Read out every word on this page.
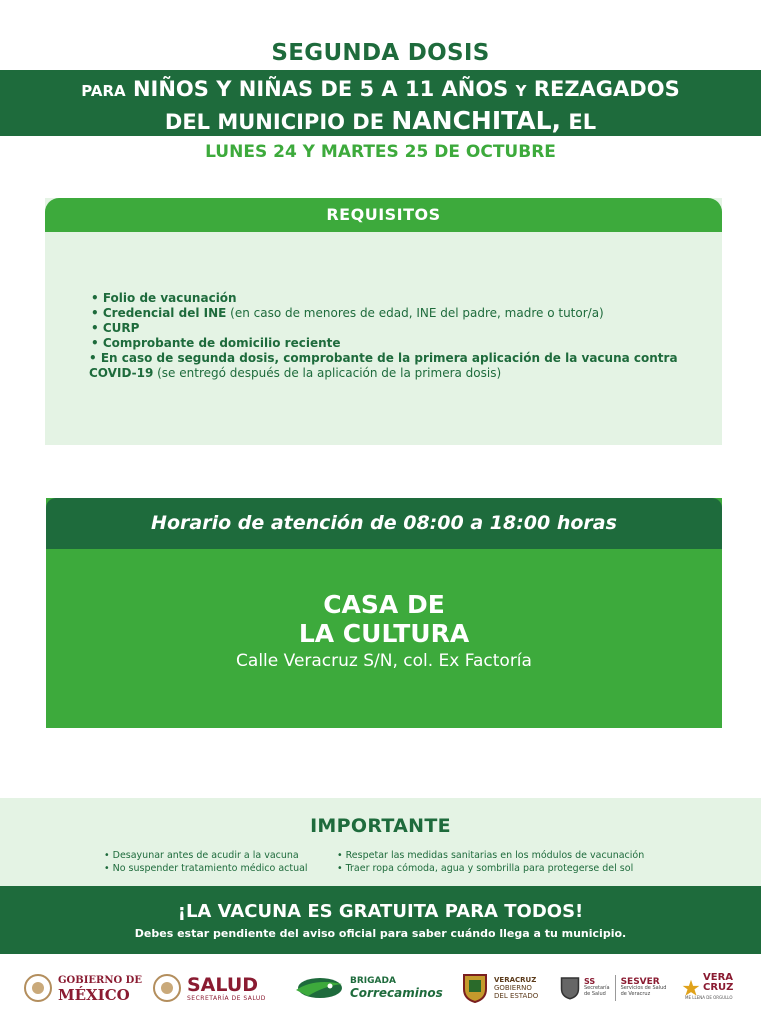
SEGUNDA DOSIS
PARA NIÑOS Y NIÑAS DE 5 A 11 AÑOS Y REZAGADOS
DEL MUNICIPIO DE NANCHITAL, EL
LUNES 24 Y MARTES 25 DE OCTUBRE
REQUISITOS
• Folio de vacunación
• Credencial del INE (en caso de menores de edad, INE del padre, madre o tutor/a)
• CURP
• Comprobante de domicilio reciente
• En caso de segunda dosis, comprobante de la primera aplicación de la vacuna contra COVID-19 (se entregó después de la aplicación de la primera dosis)
Horario de atención de 08:00 a 18:00 horas
CASA DE
LA CULTURA
Calle Veracruz S/N, col. Ex Factoría
IMPORTANTE
• Desayunar antes de acudir a la vacuna
• No suspender tratamiento médico actual
• Respetar las medidas sanitarias en los módulos de vacunación
• Traer ropa cómoda, agua y sombrilla para protegerse del sol
¡LA VACUNA ES GRATUITA PARA TODOS!
Debes estar pendiente del aviso oficial para saber cuándo llega a tu municipio.
GOBIERNO DE
MÉXICO	SALUD
SECRETARÍA DE SALUD
BRIGADA
Correcaminos
VERACRUZ
GOBIERNO
DEL ESTADO
SS
Secretaría
de Salud
SESVER
Servicios de Salud
de Veracruz
VERA
CRUZ
ME LLENA DE ORGULLO
